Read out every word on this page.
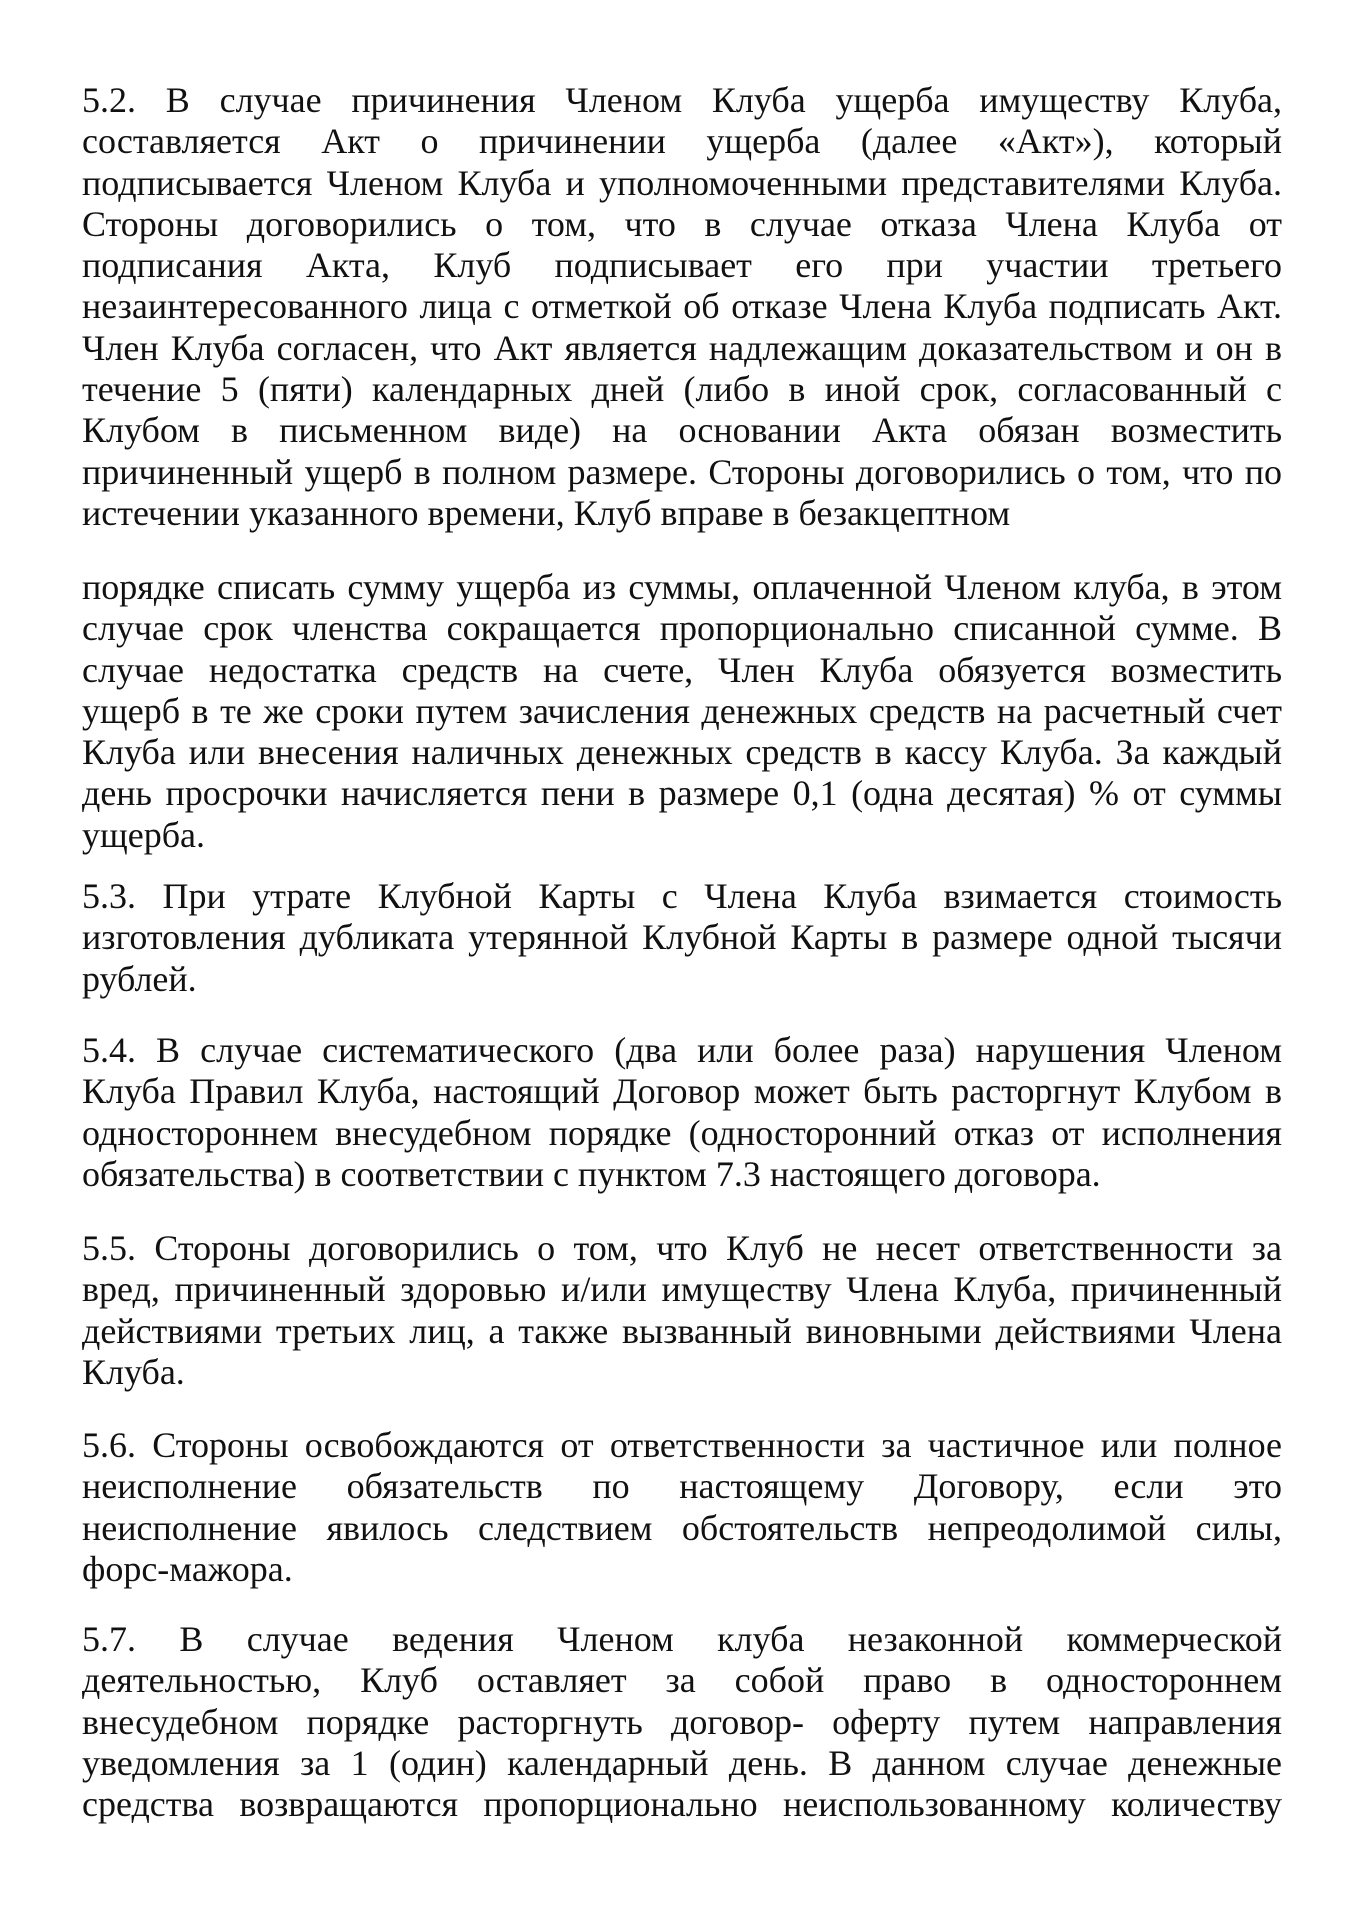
5.2. В случае причинения Членом Клуба ущерба имуществу Клуба,
составляется Акт о причинении ущерба (далее «Акт»), который
подписывается Членом Клуба и уполномоченными представителями Клуба.
Стороны договорились о том, что в случае отказа Члена Клуба от
подписания Акта, Клуб подписывает его при участии третьего
незаинтересованного лица с отметкой об отказе Члена Клуба подписать Акт.
Член Клуба согласен, что Акт является надлежащим доказательством и он в
течение 5 (пяти) календарных дней (либо в иной срок, согласованный с
Клубом в письменном виде) на основании Акта обязан возместить
причиненный ущерб в полном размере. Стороны договорились о том, что по
истечении указанного времени, Клуб вправе в безакцептном
порядке списать сумму ущерба из суммы, оплаченной Членом клуба, в этом
случае срок членства сокращается пропорционально списанной сумме. В
случае недостатка средств на счете, Член Клуба обязуется возместить
ущерб в те же сроки путем зачисления денежных средств на расчетный счет
Клуба или внесения наличных денежных средств в кассу Клуба. За каждый
день просрочки начисляется пени в размере 0,1 (одна десятая) % от суммы
ущерба.
5.3. При утрате Клубной Карты с Члена Клуба взимается стоимость
изготовления дубликата утерянной Клубной Карты в размере одной тысячи
рублей.
5.4. В случае систематического (два или более раза) нарушения Членом
Клуба Правил Клуба, настоящий Договор может быть расторгнут Клубом в
одностороннем внесудебном порядке (односторонний отказ от исполнения
обязательства) в соответствии с пунктом 7.3 настоящего договора.
5.5. Стороны договорились о том, что Клуб не несет ответственности за
вред, причиненный здоровью и/или имуществу Члена Клуба, причиненный
действиями третьих лиц, а также вызванный виновными действиями Члена
Клуба.
5.6. Стороны освобождаются от ответственности за частичное или полное
неисполнение обязательств по настоящему Договору, если это
неисполнение явилось следствием обстоятельств непреодолимой силы,
форс-мажора.
5.7. В случае ведения Членом клуба незаконной коммерческой
деятельностью, Клуб оставляет за собой право в одностороннем
внесудебном порядке расторгнуть договор- оферту путем направления
уведомления за 1 (один) календарный день. В данном случае денежные
средства возвращаются пропорционально неиспользованному количеству
